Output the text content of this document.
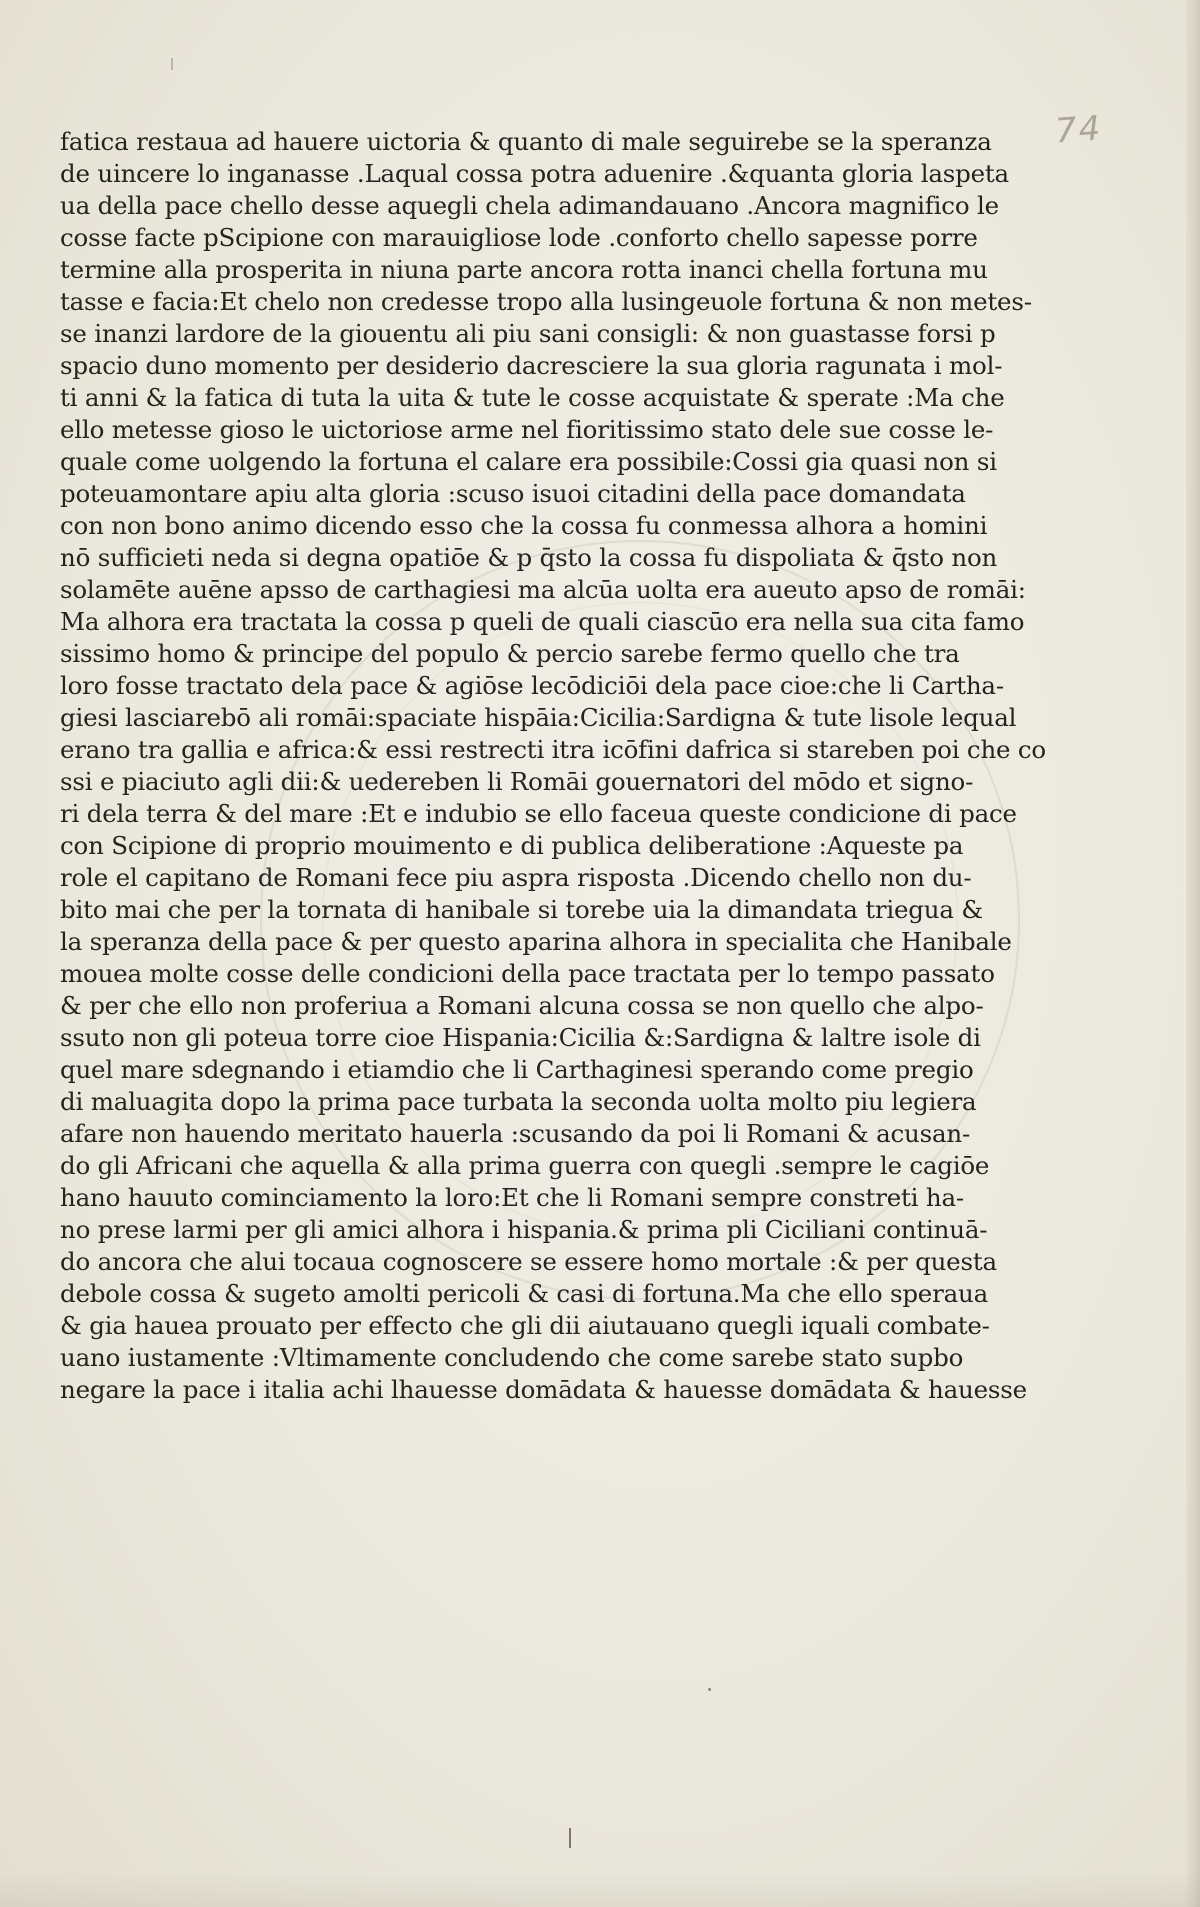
74
fatica restaua ad hauere uictoria & quanto di male seguirebe se la speranza
de uincere lo inganasse .Laqual cossa potra aduenire .&quanta gloria laspeta
ua della pace chello desse aquegli chela adimandauano .Ancora magnifico le
cosse facte pScipione con marauigliose lode .conforto chello sapesse porre
termine alla prosperita in niuna parte ancora rotta inanci chella fortuna mu
tasse e facia:Et chelo non credesse tropo alla lusingeuole fortuna & non metes-
se inanzi lardore de la giouentu ali piu sani consigli: & non guastasse forsi p
spacio duno momento per desiderio dacresciere la sua gloria ragunata i mol-
ti anni & la fatica di tuta la uita & tute le cosse acquistate & sperate :Ma che
ello metesse gioso le uictoriose arme nel fioritissimo stato dele sue cosse le-
quale come uolgendo la fortuna el calare era possibile:Cossi gia quasi non si
poteuamontare apiu alta gloria :scuso isuoi citadini della pace domandata
con non bono animo dicendo esso che la cossa fu conmessa alhora a homini
nō sufficieti neda si degna opatiōe & p q̄sto la cossa fu dispoliata & q̄sto non
solamēte auēne apsso de carthagiesi ma alcūa uolta era aueuto apso de romāi:
Ma alhora era tractata la cossa p queli de quali ciascūo era nella sua cita famo
sissimo homo & principe del populo & percio sarebe fermo quello che tra
loro fosse tractato dela pace & agiōse lecōdiciōi dela pace cioe:che li Cartha-
giesi lasciarebō ali romāi:spaciate hispāia:Cicilia:Sardigna & tute lisole lequal
erano tra gallia e africa:& essi restrecti itra icōfini dafrica si stareben poi che co
ssi e piaciuto agli dii:& uedereben li Romāi gouernatori del mōdo et signo-
ri dela terra & del mare :Et e indubio se ello faceua queste condicione di pace
con Scipione di proprio mouimento e di publica deliberatione :Aqueste pa
role el capitano de Romani fece piu aspra risposta .Dicendo chello non du-
bito mai che per la tornata di hanibale si torebe uia la dimandata triegua &
la speranza della pace & per questo aparina alhora in specialita che Hanibale
mouea molte cosse delle condicioni della pace tractata per lo tempo passato
& per che ello non proferiua a Romani alcuna cossa se non quello che alpo-
ssuto non gli poteua torre cioe Hispania:Cicilia &:Sardigna & laltre isole di
quel mare sdegnando i etiamdio che li Carthaginesi sperando come pregio
di maluagita dopo la prima pace turbata la seconda uolta molto piu legiera
afare non hauendo meritato hauerla :scusando da poi li Romani & acusan-
do gli Africani che aquella & alla prima guerra con quegli .sempre le cagiōe
hano hauuto cominciamento la loro:Et che li Romani sempre constreti ha-
no prese larmi per gli amici alhora i hispania.& prima pli Ciciliani continuā-
do ancora che alui tocaua cognoscere se essere homo mortale :& per questa
debole cossa & sugeto amolti pericoli & casi di fortuna.Ma che ello speraua
& gia hauea prouato per effecto che gli dii aiutauano quegli iquali combate-
uano iustamente :Vltimamente concludendo che come sarebe stato supbo
negare la pace i italia achi lhauesse domādata & hauesse domādata & hauesse
